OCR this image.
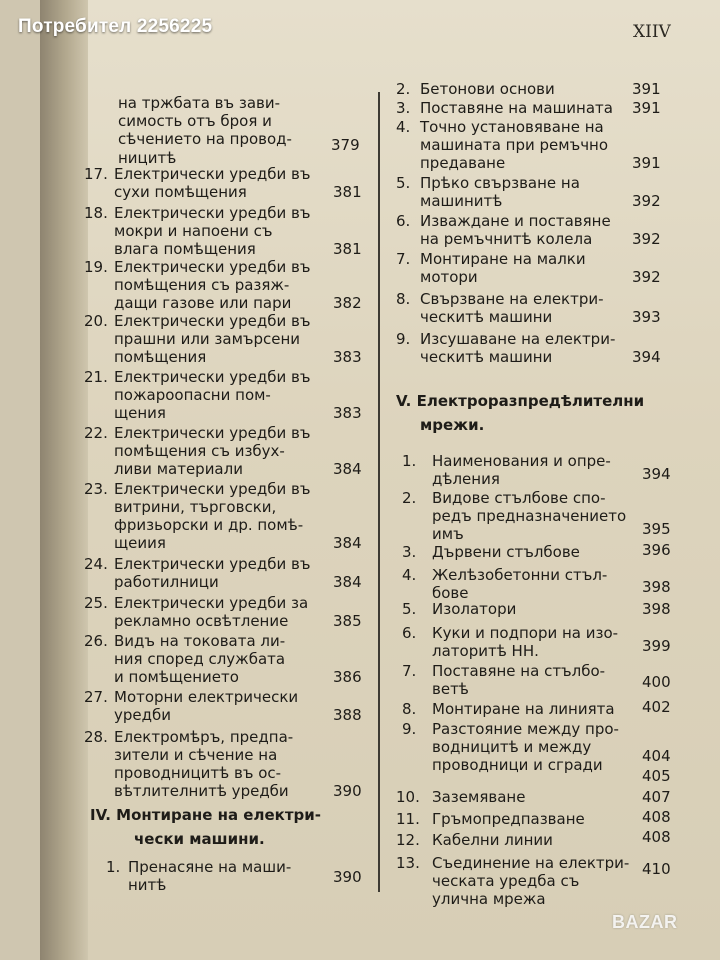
Потребител 2256225	XIIV
на тржбата въ зави-
симость отъ броя и
сѣчението на провод-
ницитѣ
379
17. Електрически уредби въ
сухи помѣщения	381
18. Електрически уредби въ
мокри и напоени съ
влага помѣщения	381
19. Електрически уредби въ
помѣщения съ разяж-
дащи газове или пари	382
20. Електрически уредби въ
прашни или замърсени
помѣщения	383
21. Електрически уредби въ
пожароопасни пом-
щения	383
22. Електрически уредби въ
помѣщения съ избух-
ливи материали	384
23. Електрически уредби въ
витрини, търговски,
фризьорски и др. помѣ-
щеиия	384
24. Електрически уредби въ
работилници	384
25. Електрически уредби за
рекламно освѣтление	385
26. Видъ на токовата ли-
ния според службата
и помѣщението	386
27. Моторни електрически
уредби	388
28. Електромѣръ, предпа-
зители и сѣчение на
проводницитѣ въ ос-
вѣтлителнитѣ уредби	390
IV. Монтиране на електри-
чески машини.
1. Пренасяне на маши-
нитѣ	390
2. Бетонови основи	391
3. Поставяне на машината 391
4. Точно установяване на
машината при ремъчно
предаване	391
5. Прѣко свързване на
машинитѣ	392
6. Изваждане и поставяне
на ремъчнитѣ колела	392
7. Монтиране на малки
мотори	392
8. Свързване на електри-
ческитѣ машини	393
9. Изсушаване на електри-
ческитѣ машини	394
V. Електроразпредѣлителни
мрежи.
1. Наименования и опре-
дѣления	394
2. Видове стълбове спо-
редъ предназначението
имъ	395
3. Дървени стълбове	396
4. Желѣзобетонни стъл-
бове	398
5. Изолатори	398
6. Куки и подпори на изо-
латоритѣ НН.	399
7. Поставяне на стълбо-
ветѣ	400
8. Монтиране на линията 402
9. Разстояние между про-
водницитѣ и между
проводници и сгради	404
405
10. Заземяване	407
11. Гръмопредпазване	408
12. Кабелни линии	408
13. Съединение на електри-
ческата уредба съ
улична мрежа
410
BAZAR
